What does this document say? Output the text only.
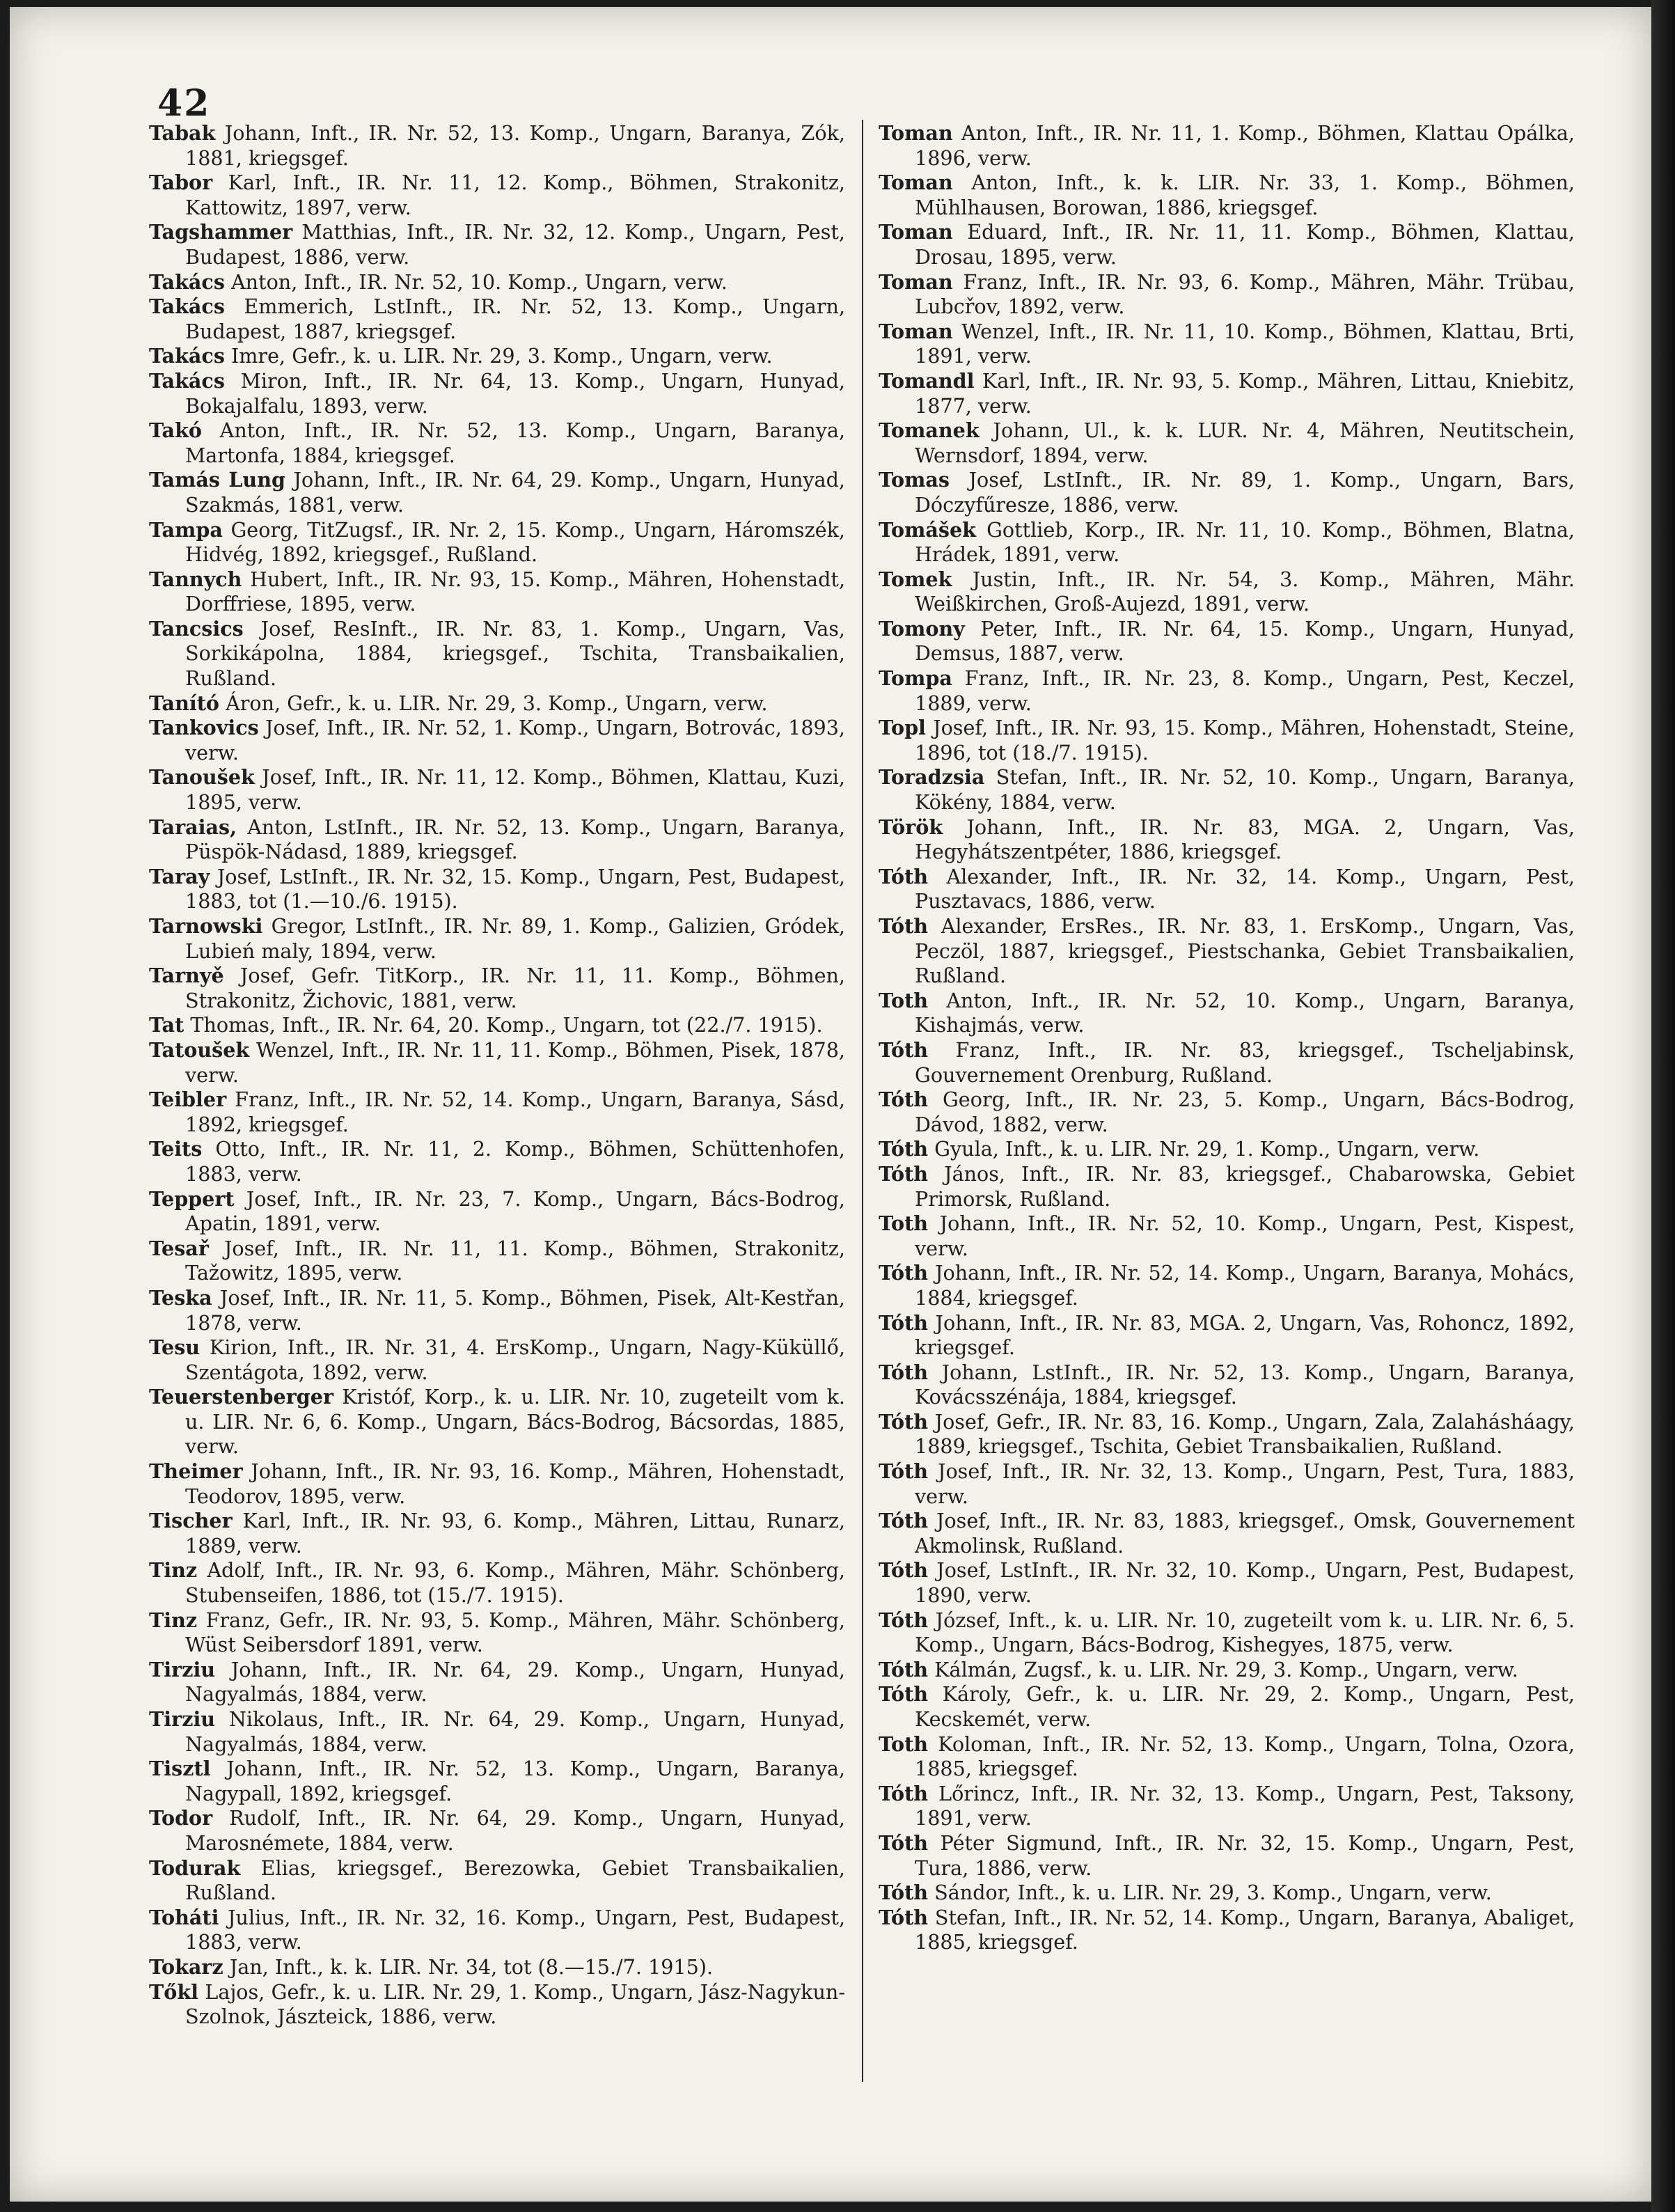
42
Tabak Johann, Inft., IR. Nr. 52, 13. Komp., Ungarn, Baranya, Zók, 1881, kriegsgef.
Tabor Karl, Inft., IR. Nr. 11, 12. Komp., Böhmen, Strakonitz, Kattowitz, 1897, verw.
Tagshammer Matthias, Inft., IR. Nr. 32, 12. Komp., Ungarn, Pest, Budapest, 1886, verw.
Takács Anton, Inft., IR. Nr. 52, 10. Komp., Ungarn, verw.
Takács Emmerich, LstInft., IR. Nr. 52, 13. Komp., Ungarn, Budapest, 1887, kriegsgef.
Takács Imre, Gefr., k. u. LIR. Nr. 29, 3. Komp., Ungarn, verw.
Takács Miron, Inft., IR. Nr. 64, 13. Komp., Ungarn, Hunyad, Bokajalfalu, 1893, verw.
Takó Anton, Inft., IR. Nr. 52, 13. Komp., Ungarn, Baranya, Martonfa, 1884, kriegsgef.
Tamás Lung Johann, Inft., IR. Nr. 64, 29. Komp., Ungarn, Hunyad, Szakmás, 1881, verw.
Tampa Georg, TitZugsf., IR. Nr. 2, 15. Komp., Ungarn, Háromszék, Hidvég, 1892, kriegsgef., Rußland.
Tannych Hubert, Inft., IR. Nr. 93, 15. Komp., Mähren, Hohenstadt, Dorffriese, 1895, verw.
Tancsics Josef, ResInft., IR. Nr. 83, 1. Komp., Ungarn, Vas, Sorkikápolna, 1884, kriegsgef., Tschita, Transbaikalien, Rußland.
Tanító Áron, Gefr., k. u. LIR. Nr. 29, 3. Komp., Ungarn, verw.
Tankovics Josef, Inft., IR. Nr. 52, 1. Komp., Ungarn, Botrovác, 1893, verw.
Tanoušek Josef, Inft., IR. Nr. 11, 12. Komp., Böhmen, Klattau, Kuzi, 1895, verw.
Taraias, Anton, LstInft., IR. Nr. 52, 13. Komp., Ungarn, Baranya, Püspök-Nádasd, 1889, kriegsgef.
Taray Josef, LstInft., IR. Nr. 32, 15. Komp., Ungarn, Pest, Budapest, 1883, tot (1.—10./6. 1915).
Tarnowski Gregor, LstInft., IR. Nr. 89, 1. Komp., Galizien, Gródek, Lubień maly, 1894, verw.
Tarnyě Josef, Gefr. TitKorp., IR. Nr. 11, 11. Komp., Böhmen, Strakonitz, Žichovic, 1881, verw.
Tat Thomas, Inft., IR. Nr. 64, 20. Komp., Ungarn, tot (22./7. 1915).
Tatoušek Wenzel, Inft., IR. Nr. 11, 11. Komp., Böhmen, Pisek, 1878, verw.
Teibler Franz, Inft., IR. Nr. 52, 14. Komp., Ungarn, Baranya, Sásd, 1892, kriegsgef.
Teits Otto, Inft., IR. Nr. 11, 2. Komp., Böhmen, Schüttenhofen, 1883, verw.
Teppert Josef, Inft., IR. Nr. 23, 7. Komp., Ungarn, Bács-Bodrog, Apatin, 1891, verw.
Tesař Josef, Inft., IR. Nr. 11, 11. Komp., Böhmen, Strakonitz, Tažowitz, 1895, verw.
Teska Josef, Inft., IR. Nr. 11, 5. Komp., Böhmen, Pisek, Alt-Kestřan, 1878, verw.
Tesu Kirion, Inft., IR. Nr. 31, 4. ErsKomp., Ungarn, Nagy-Küküllő, Szentágota, 1892, verw.
Teuerstenberger Kristóf, Korp., k. u. LIR. Nr. 10, zugeteilt vom k. u. LIR. Nr. 6, 6. Komp., Ungarn, Bács-Bodrog, Bácsordas, 1885, verw.
Theimer Johann, Inft., IR. Nr. 93, 16. Komp., Mähren, Hohenstadt, Teodorov, 1895, verw.
Tischer Karl, Inft., IR. Nr. 93, 6. Komp., Mähren, Littau, Runarz, 1889, verw.
Tinz Adolf, Inft., IR. Nr. 93, 6. Komp., Mähren, Mähr. Schönberg, Stubenseifen, 1886, tot (15./7. 1915).
Tinz Franz, Gefr., IR. Nr. 93, 5. Komp., Mähren, Mähr. Schönberg, Wüst Seibersdorf 1891, verw.
Tirziu Johann, Inft., IR. Nr. 64, 29. Komp., Ungarn, Hunyad, Nagyalmás, 1884, verw.
Tirziu Nikolaus, Inft., IR. Nr. 64, 29. Komp., Ungarn, Hunyad, Nagyalmás, 1884, verw.
Tisztl Johann, Inft., IR. Nr. 52, 13. Komp., Ungarn, Baranya, Nagypall, 1892, kriegsgef.
Todor Rudolf, Inft., IR. Nr. 64, 29. Komp., Ungarn, Hunyad, Marosnémete, 1884, verw.
Todurak Elias, kriegsgef., Berezowka, Gebiet Transbaikalien, Rußland.
Toháti Julius, Inft., IR. Nr. 32, 16. Komp., Ungarn, Pest, Budapest, 1883, verw.
Tokarz Jan, Inft., k. k. LIR. Nr. 34, tot (8.—15./7. 1915).
Tőkl Lajos, Gefr., k. u. LIR. Nr. 29, 1. Komp., Ungarn, Jász-Nagykun-Szolnok, Jászteick, 1886, verw.
Toman Anton, Inft., IR. Nr. 11, 1. Komp., Böhmen, Klattau Opálka, 1896, verw.
Toman Anton, Inft., k. k. LIR. Nr. 33, 1. Komp., Böhmen, Mühlhausen, Borowan, 1886, kriegsgef.
Toman Eduard, Inft., IR. Nr. 11, 11. Komp., Böhmen, Klattau, Drosau, 1895, verw.
Toman Franz, Inft., IR. Nr. 93, 6. Komp., Mähren, Mähr. Trübau, Lubcřov, 1892, verw.
Toman Wenzel, Inft., IR. Nr. 11, 10. Komp., Böhmen, Klattau, Brti, 1891, verw.
Tomandl Karl, Inft., IR. Nr. 93, 5. Komp., Mähren, Littau, Kniebitz, 1877, verw.
Tomanek Johann, Ul., k. k. LUR. Nr. 4, Mähren, Neutitschein, Wernsdorf, 1894, verw.
Tomas Josef, LstInft., IR. Nr. 89, 1. Komp., Ungarn, Bars, Dóczyfűresze, 1886, verw.
Tomášek Gottlieb, Korp., IR. Nr. 11, 10. Komp., Böhmen, Blatna, Hrádek, 1891, verw.
Tomek Justin, Inft., IR. Nr. 54, 3. Komp., Mähren, Mähr. Weißkirchen, Groß-Aujezd, 1891, verw.
Tomony Peter, Inft., IR. Nr. 64, 15. Komp., Ungarn, Hunyad, Demsus, 1887, verw.
Tompa Franz, Inft., IR. Nr. 23, 8. Komp., Ungarn, Pest, Keczel, 1889, verw.
Topl Josef, Inft., IR. Nr. 93, 15. Komp., Mähren, Hohenstadt, Steine, 1896, tot (18./7. 1915).
Toradzsia Stefan, Inft., IR. Nr. 52, 10. Komp., Ungarn, Baranya, Kökény, 1884, verw.
Török Johann, Inft., IR. Nr. 83, MGA. 2, Ungarn, Vas, Hegyhátszentpéter, 1886, kriegsgef.
Tóth Alexander, Inft., IR. Nr. 32, 14. Komp., Ungarn, Pest, Pusztavacs, 1886, verw.
Tóth Alexander, ErsRes., IR. Nr. 83, 1. ErsKomp., Ungarn, Vas, Peczöl, 1887, kriegsgef., Piestschanka, Gebiet Transbaikalien, Rußland.
Toth Anton, Inft., IR. Nr. 52, 10. Komp., Ungarn, Baranya, Kishajmás, verw.
Tóth Franz, Inft., IR. Nr. 83, kriegsgef., Tscheljabinsk, Gouvernement Orenburg, Rußland.
Tóth Georg, Inft., IR. Nr. 23, 5. Komp., Ungarn, Bács-Bodrog, Dávod, 1882, verw.
Tóth Gyula, Inft., k. u. LIR. Nr. 29, 1. Komp., Ungarn, verw.
Tóth János, Inft., IR. Nr. 83, kriegsgef., Chabarowska, Gebiet Primorsk, Rußland.
Toth Johann, Inft., IR. Nr. 52, 10. Komp., Ungarn, Pest, Kispest, verw.
Tóth Johann, Inft., IR. Nr. 52, 14. Komp., Ungarn, Baranya, Mohács, 1884, kriegsgef.
Tóth Johann, Inft., IR. Nr. 83, MGA. 2, Ungarn, Vas, Rohoncz, 1892, kriegsgef.
Tóth Johann, LstInft., IR. Nr. 52, 13. Komp., Ungarn, Baranya, Kovácsszénája, 1884, kriegsgef.
Tóth Josef, Gefr., IR. Nr. 83, 16. Komp., Ungarn, Zala, Zalahásháagy, 1889, kriegsgef., Tschita, Gebiet Transbaikalien, Rußland.
Tóth Josef, Inft., IR. Nr. 32, 13. Komp., Ungarn, Pest, Tura, 1883, verw.
Tóth Josef, Inft., IR. Nr. 83, 1883, kriegsgef., Omsk, Gouvernement Akmolinsk, Rußland.
Tóth Josef, LstInft., IR. Nr. 32, 10. Komp., Ungarn, Pest, Budapest, 1890, verw.
Tóth József, Inft., k. u. LIR. Nr. 10, zugeteilt vom k. u. LIR. Nr. 6, 5. Komp., Ungarn, Bács-Bodrog, Kishegyes, 1875, verw.
Tóth Kálmán, Zugsf., k. u. LIR. Nr. 29, 3. Komp., Ungarn, verw.
Tóth Károly, Gefr., k. u. LIR. Nr. 29, 2. Komp., Ungarn, Pest, Kecskemét, verw.
Toth Koloman, Inft., IR. Nr. 52, 13. Komp., Ungarn, Tolna, Ozora, 1885, kriegsgef.
Tóth Lőrincz, Inft., IR. Nr. 32, 13. Komp., Ungarn, Pest, Taksony, 1891, verw.
Tóth Péter Sigmund, Inft., IR. Nr. 32, 15. Komp., Ungarn, Pest, Tura, 1886, verw.
Tóth Sándor, Inft., k. u. LIR. Nr. 29, 3. Komp., Ungarn, verw.
Tóth Stefan, Inft., IR. Nr. 52, 14. Komp., Ungarn, Baranya, Abaliget, 1885, kriegsgef.
